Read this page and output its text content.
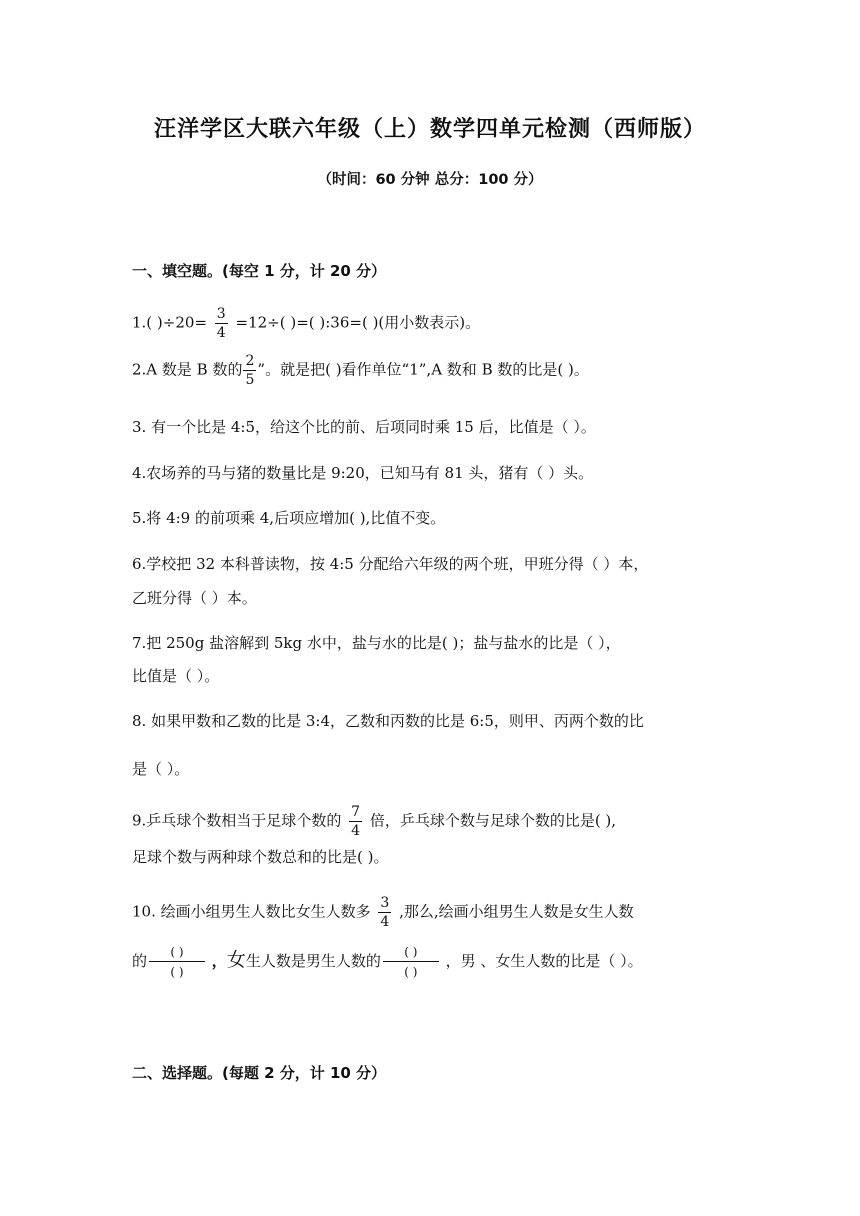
汪洋学区大联六年级（上）数学四单元检测（西师版）
（时间：60 分钟 总分：100 分）
一、填空题。(每空 1 分，计 20 分）
1.( )$\div 20= \frac{3}{4} =12\div$( )=( ):36=( )(用小数表示)。
2.A 数是 B 数的 $\frac{2}{5}$ ”。就是把( )看作单位“1”,A 数和 B 数的比是( )。
3. 有一个比是 4:5，给这个比的前、后项同时乘 15 后，比值是（ ）。
4.农场养的马与猪的数量比是 9:20，已知马有 81 头，猪有（ ）头。
5.将 4:9 的前项乘 4,后项应增加( ),比值不变。
6.学校把 32 本科普读物，按 4:5 分配给六年级的两个班，甲班分得（ ）本，
乙班分得（ ）本。
7.把 250g 盐溶解到 5kg 水中，盐与水的比是( )；盐与盐水的比是（ ），
比值是（ ）。
8. 如果甲数和乙数的比是 3:4，乙数和丙数的比是 6:5，则甲、丙两个数的比
是（ ）。
9.乒乓球个数相当于足球个数的 $\frac{7}{4}$ 倍，乒乓球个数与足球个数的比是( ),
足球个数与两种球个数总和的比是( )。
10. 绘画小组男生人数比女生人数多 $\frac{3}{4}$ ,那么,绘画小组男生人数是女生人数
的 $\frac{( )}{( )}$ ，女生人数是男生人数的 $\frac{( )}{( )}$ ，男 、女生人数的比是（ ）。
二、选择题。(每题 2 分，计 10 分）
